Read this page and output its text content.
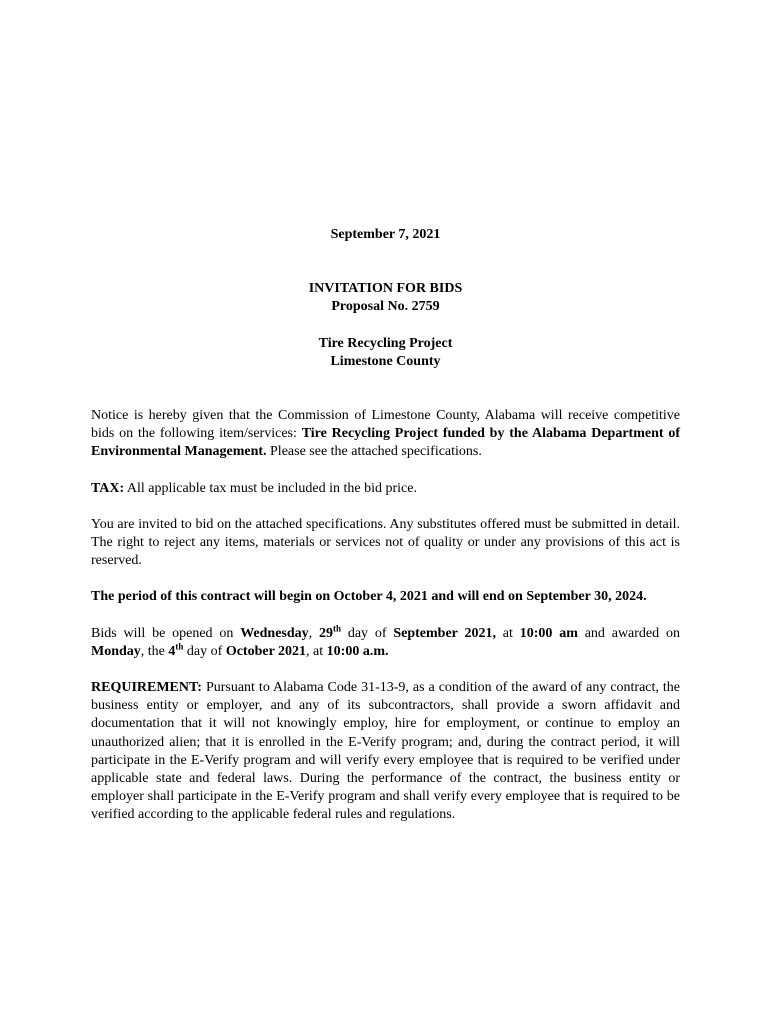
September 7, 2021

INVITATION FOR BIDS

Proposal No. 2759

Tire Recycling Project

Limestone County

Notice is hereby given that the Commission of Limestone County, Alabama will receive competitive bids on the following item/services: Tire Recycling Project funded by the Alabama Department of Environmental Management. Please see the attached specifications.

TAX: All applicable tax must be included in the bid price.

You are invited to bid on the attached specifications. Any substitutes offered must be submitted in detail. The right to reject any items, materials or services not of quality or under any provisions of this act is reserved.

The period of this contract will begin on October 4, 2021 and will end on September 30, 2024.

Bids will be opened on Wednesday, 29th day of September 2021, at 10:00 am and awarded on Monday, the 4th day of October 2021, at 10:00 a.m.

REQUIREMENT: Pursuant to Alabama Code 31-13-9, as a condition of the award of any contract, the business entity or employer, and any of its subcontractors, shall provide a sworn affidavit and documentation that it will not knowingly employ, hire for employment, or continue to employ an unauthorized alien; that it is enrolled in the E-Verify program; and, during the contract period, it will participate in the E-Verify program and will verify every employee that is required to be verified under applicable state and federal laws. During the performance of the contract, the business entity or employer shall participate in the E-Verify program and shall verify every employee that is required to be verified according to the applicable federal rules and regulations.
